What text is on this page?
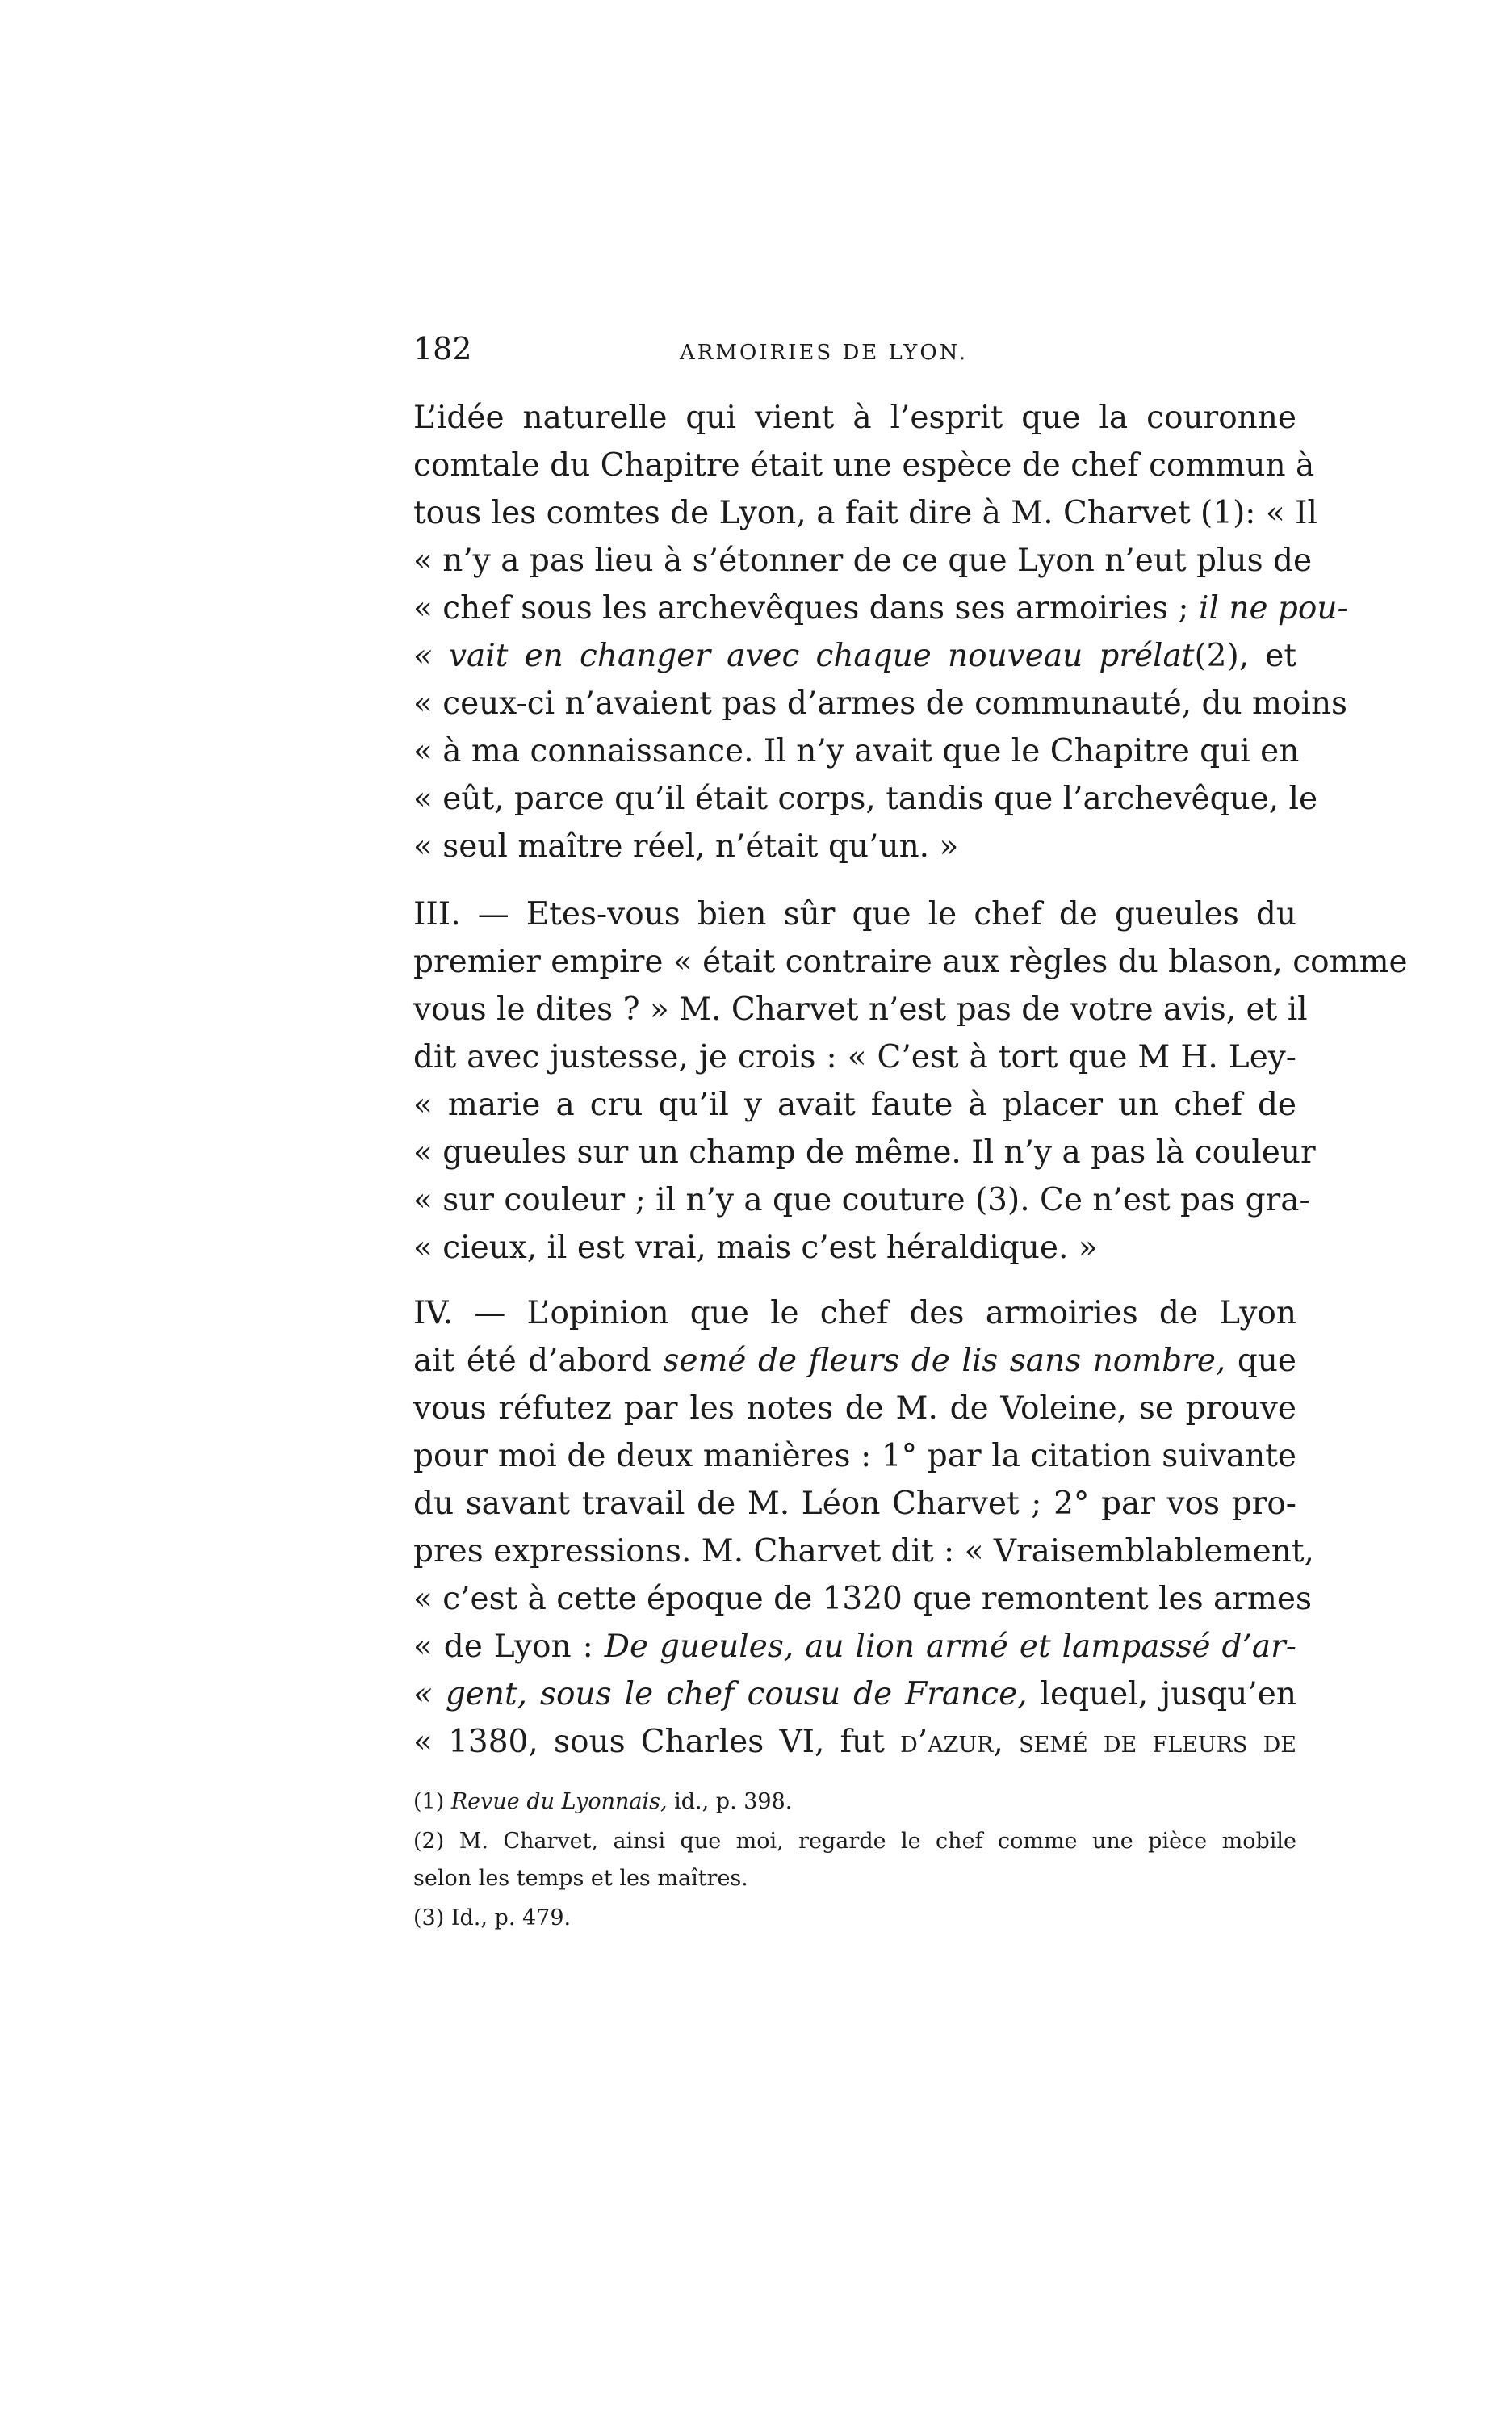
182	ARMOIRIES DE LYON.
L’idée naturelle qui vient à l’esprit que la couronne
comtale du Chapitre était une espèce de chef commun à
tous les comtes de Lyon, a fait dire à M. Charvet (1): « Il
« n’y a pas lieu à s’étonner de ce que Lyon n’eut plus de
« chef sous les archevêques dans ses armoiries ; il ne pou-
« vait en changer avec chaque nouveau prélat(2), et
« ceux-ci n’avaient pas d’armes de communauté, du moins
« à ma connaissance. Il n’y avait que le Chapitre qui en
« eût, parce qu’il était corps, tandis que l’archevêque, le
« seul maître réel, n’était qu’un. »
III. — Etes-vous bien sûr que le chef de gueules du
premier empire « était contraire aux règles du blason, comme
vous le dites ? » M. Charvet n’est pas de votre avis, et il
dit avec justesse, je crois : « C’est à tort que M H. Ley-
« marie a cru qu’il y avait faute à placer un chef de
« gueules sur un champ de même. Il n’y a pas là couleur
« sur couleur ; il n’y a que couture (3). Ce n’est pas gra-
« cieux, il est vrai, mais c’est héraldique. »
IV. — L’opinion que le chef des armoiries de Lyon
ait été d’abord semé de fleurs de lis sans nombre, que
vous réfutez par les notes de M. de Voleine, se prouve
pour moi de deux manières : 1° par la citation suivante
du savant travail de M. Léon Charvet ; 2° par vos pro-
pres expressions. M. Charvet dit : « Vraisemblablement,
« c’est à cette époque de 1320 que remontent les armes
« de Lyon : De gueules, au lion armé et lampassé d’ar-
« gent, sous le chef cousu de France, lequel, jusqu’en
« 1380, sous Charles VI, fut d’azur, semé de fleurs de
(1) Revue du Lyonnais, id., p. 398.
(2) M. Charvet, ainsi que moi, regarde le chef comme une pièce mobile
selon les temps et les maîtres.
(3) Id., p. 479.
